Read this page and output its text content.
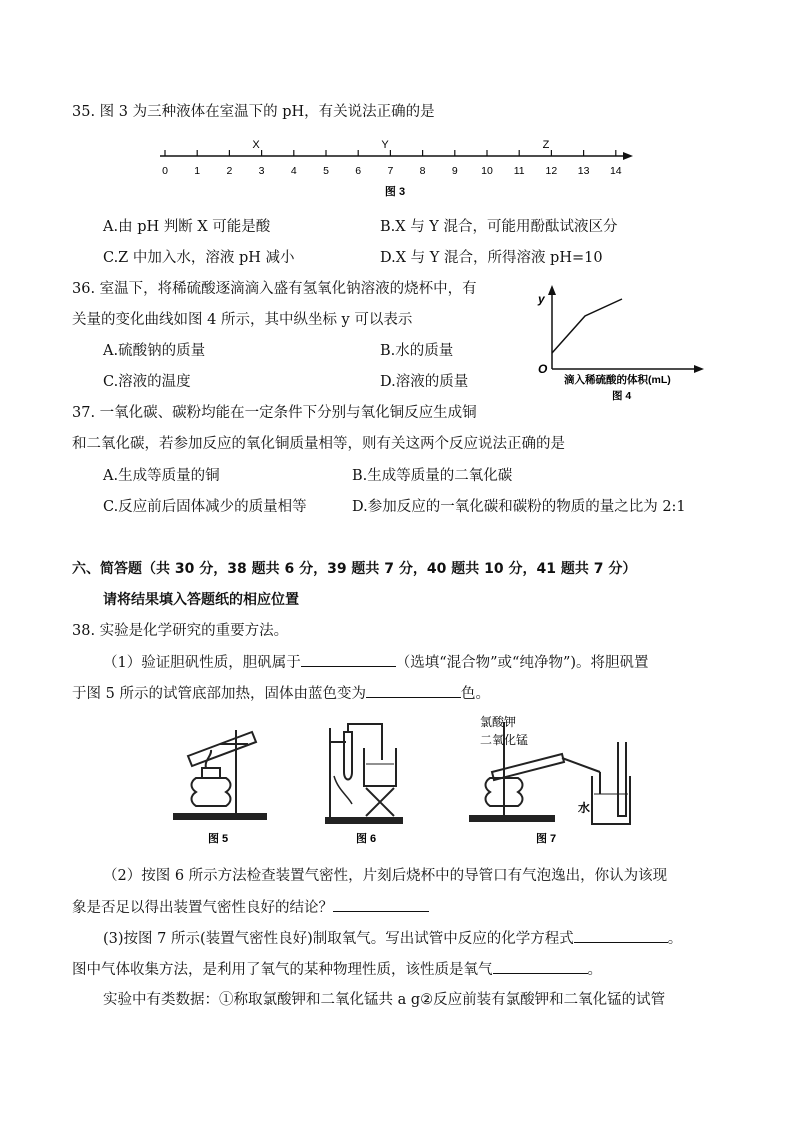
35. 图 3 为三种液体在室温下的 pH，有关说法正确的是
0	1	2	3	4	5	6	7	8	9 10 11 12 13 14
X	Y	Z
图 3
A.由 pH 判断 X 可能是酸	B.X 与 Y 混合，可能用酚酞试液区分
C.Z 中加入水，溶液 pH 减小	D.X 与 Y 混合，所得溶液 pH=10
36. 室温下，将稀硫酸逐滴滴入盛有氢氧化钠溶液的烧杯中，有
关量的变化曲线如图 4 所示，其中纵坐标 y 可以表示
A.硫酸钠的质量	B.水的质量
C.溶液的温度	D.溶液的质量
y
O
滴入稀硫酸的体积(mL)
图 4
37. 一氧化碳、碳粉均能在一定条件下分别与氧化铜反应生成铜
和二氧化碳，若参加反应的氧化铜质量相等，则有关这两个反应说法正确的是
A.生成等质量的铜	B.生成等质量的二氧化碳
C.反应前后固体减少的质量相等	D.参加反应的一氧化碳和碳粉的物质的量之比为 2:1
六、简答题（共 30 分，38 题共 6 分，39 题共 7 分，40 题共 10 分，41 题共 7 分）
请将结果填入答题纸的相应位置
38. 实验是化学研究的重要方法。
（1）验证胆矾性质，胆矾属于	（选填“混合物”或“纯净物”)。将胆矾置
于图 5 所示的试管底部加热，固体由蓝色变为	色。
图 5	图 6
氯酸钾
二氧化锰
水
图 7
（2）按图 6 所示方法检查装置气密性，片刻后烧杯中的导管口有气泡逸出，你认为该现
象是否足以得出装置气密性良好的结论？
(3)按图 7 所示(装置气密性良好)制取氧气。写出试管中反应的化学方程式	。
图中气体收集方法，是利用了氧气的某种物理性质，该性质是氧气	。
实验中有类数据：①称取氯酸钾和二氧化锰共 a g②反应前装有氯酸钾和二氧化锰的试管
